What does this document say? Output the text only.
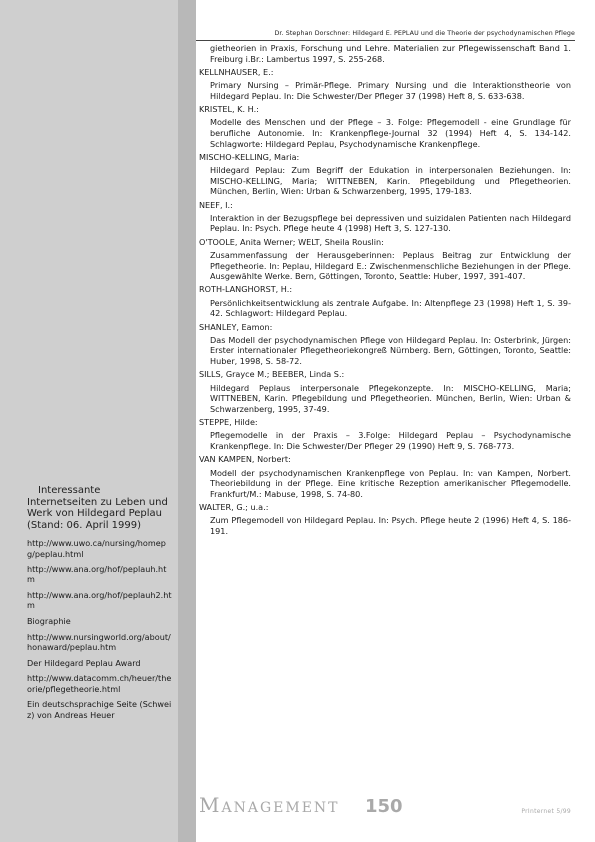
Dr. Stephan Dorschner: Hildegard E. PEPLAU und die Theorie der psychodynamischen Pflege
gietheorien in Praxis, Forschung und Lehre. Materialien zur Pflegewissenschaft Band 1. Freiburg i.Br.: Lambertus 1997, S. 255-268.
KELLNHAUSER, E.:
Primary Nursing – Primär-Pflege. Primary Nursing und die Interaktionstheorie von Hildegard Peplau. In: Die Schwester/Der Pfleger 37 (1998) Heft 8, S. 633-638.
KRISTEL, K. H.:
Modelle des Menschen und der Pflege – 3. Folge: Pflegemodell - eine Grundlage für berufliche Autonomie. In: Krankenpflege-Journal 32 (1994) Heft 4, S. 134-142. Schlagworte: Hildegard Peplau, Psychodynamische Krankenpflege.
MISCHO-KELLING, Maria:
Hildegard Peplau: Zum Begriff der Edukation in interpersonalen Beziehungen. In: MISCHO-KELLING, Maria; WITTNEBEN, Karin. Pflegebildung und Pflegetheorien. München, Berlin, Wien: Urban & Schwarzenberg, 1995, 179-183.
NEEF, I.:
Interaktion in der Bezugspflege bei depressiven und suizidalen Patienten nach Hildegard Peplau. In: Psych. Pflege heute 4 (1998) Heft 3, S. 127-130.
O'TOOLE, Anita Werner; WELT, Sheila Rouslin:
Zusammenfassung der Herausgeberinnen: Peplaus Beitrag zur Entwicklung der Pflegetheorie. In: Peplau, Hildegard E.: Zwischenmenschliche Beziehungen in der Pflege. Ausgewählte Werke. Bern, Göttingen, Toronto, Seattle: Huber, 1997, 391-407.
ROTH-LANGHORST, H.:
Persönlichkeitsentwicklung als zentrale Aufgabe. In: Altenpflege 23 (1998) Heft 1, S. 39-42. Schlagwort: Hildegard Peplau.
SHANLEY, Eamon:
Das Modell der psychodynamischen Pflege von Hildegard Peplau. In: Osterbrink, Jürgen: Erster internationaler Pflegetheoriekongreß Nürnberg. Bern, Göttingen, Toronto, Seattle: Huber, 1998, S. 58-72.
SILLS, Grayce M.; BEEBER, Linda S.:
Hildegard Peplaus interpersonale Pflegekonzepte. In: MISCHO-KELLING, Maria; WITTNEBEN, Karin. Pflegebildung und Pflegetheorien. München, Berlin, Wien: Urban & Schwarzenberg, 1995, 37-49.
STEPPE, Hilde:
Pflegemodelle in der Praxis – 3.Folge: Hildegard Peplau – Psychodynamische Krankenpflege. In: Die Schwester/Der Pfleger 29 (1990) Heft 9, S. 768-773.
VAN KAMPEN, Norbert:
Modell der psychodynamischen Krankenpflege von Peplau. In: van Kampen, Norbert. Theoriebildung in der Pflege. Eine kritische Rezeption amerikanischer Pflegemodelle. Frankfurt/M.: Mabuse, 1998, S. 74-80.
WALTER, G.; u.a.:
Zum Pflegemodell von Hildegard Peplau. In: Psych. Pflege heute 2 (1996) Heft 4, S. 186-191.
Interessante Internetseiten zu Leben und Werk von Hildegard Peplau (Stand: 06. April 1999)
http://www.uwo.ca/nursing/homepg/peplau.html
http://www.ana.org/hof/peplauh.htm
http://www.ana.org/hof/peplauh2.htm
Biographie
http://www.nursingworld.org/about/honaward/peplau.htm
Der Hildegard Peplau Award
http://www.datacomm.ch/heuer/theorie/pflegetheorie.html
Ein deutschsprachige Seite (Schweiz) von Andreas Heuer
Management 150	PrInternet 5/99
